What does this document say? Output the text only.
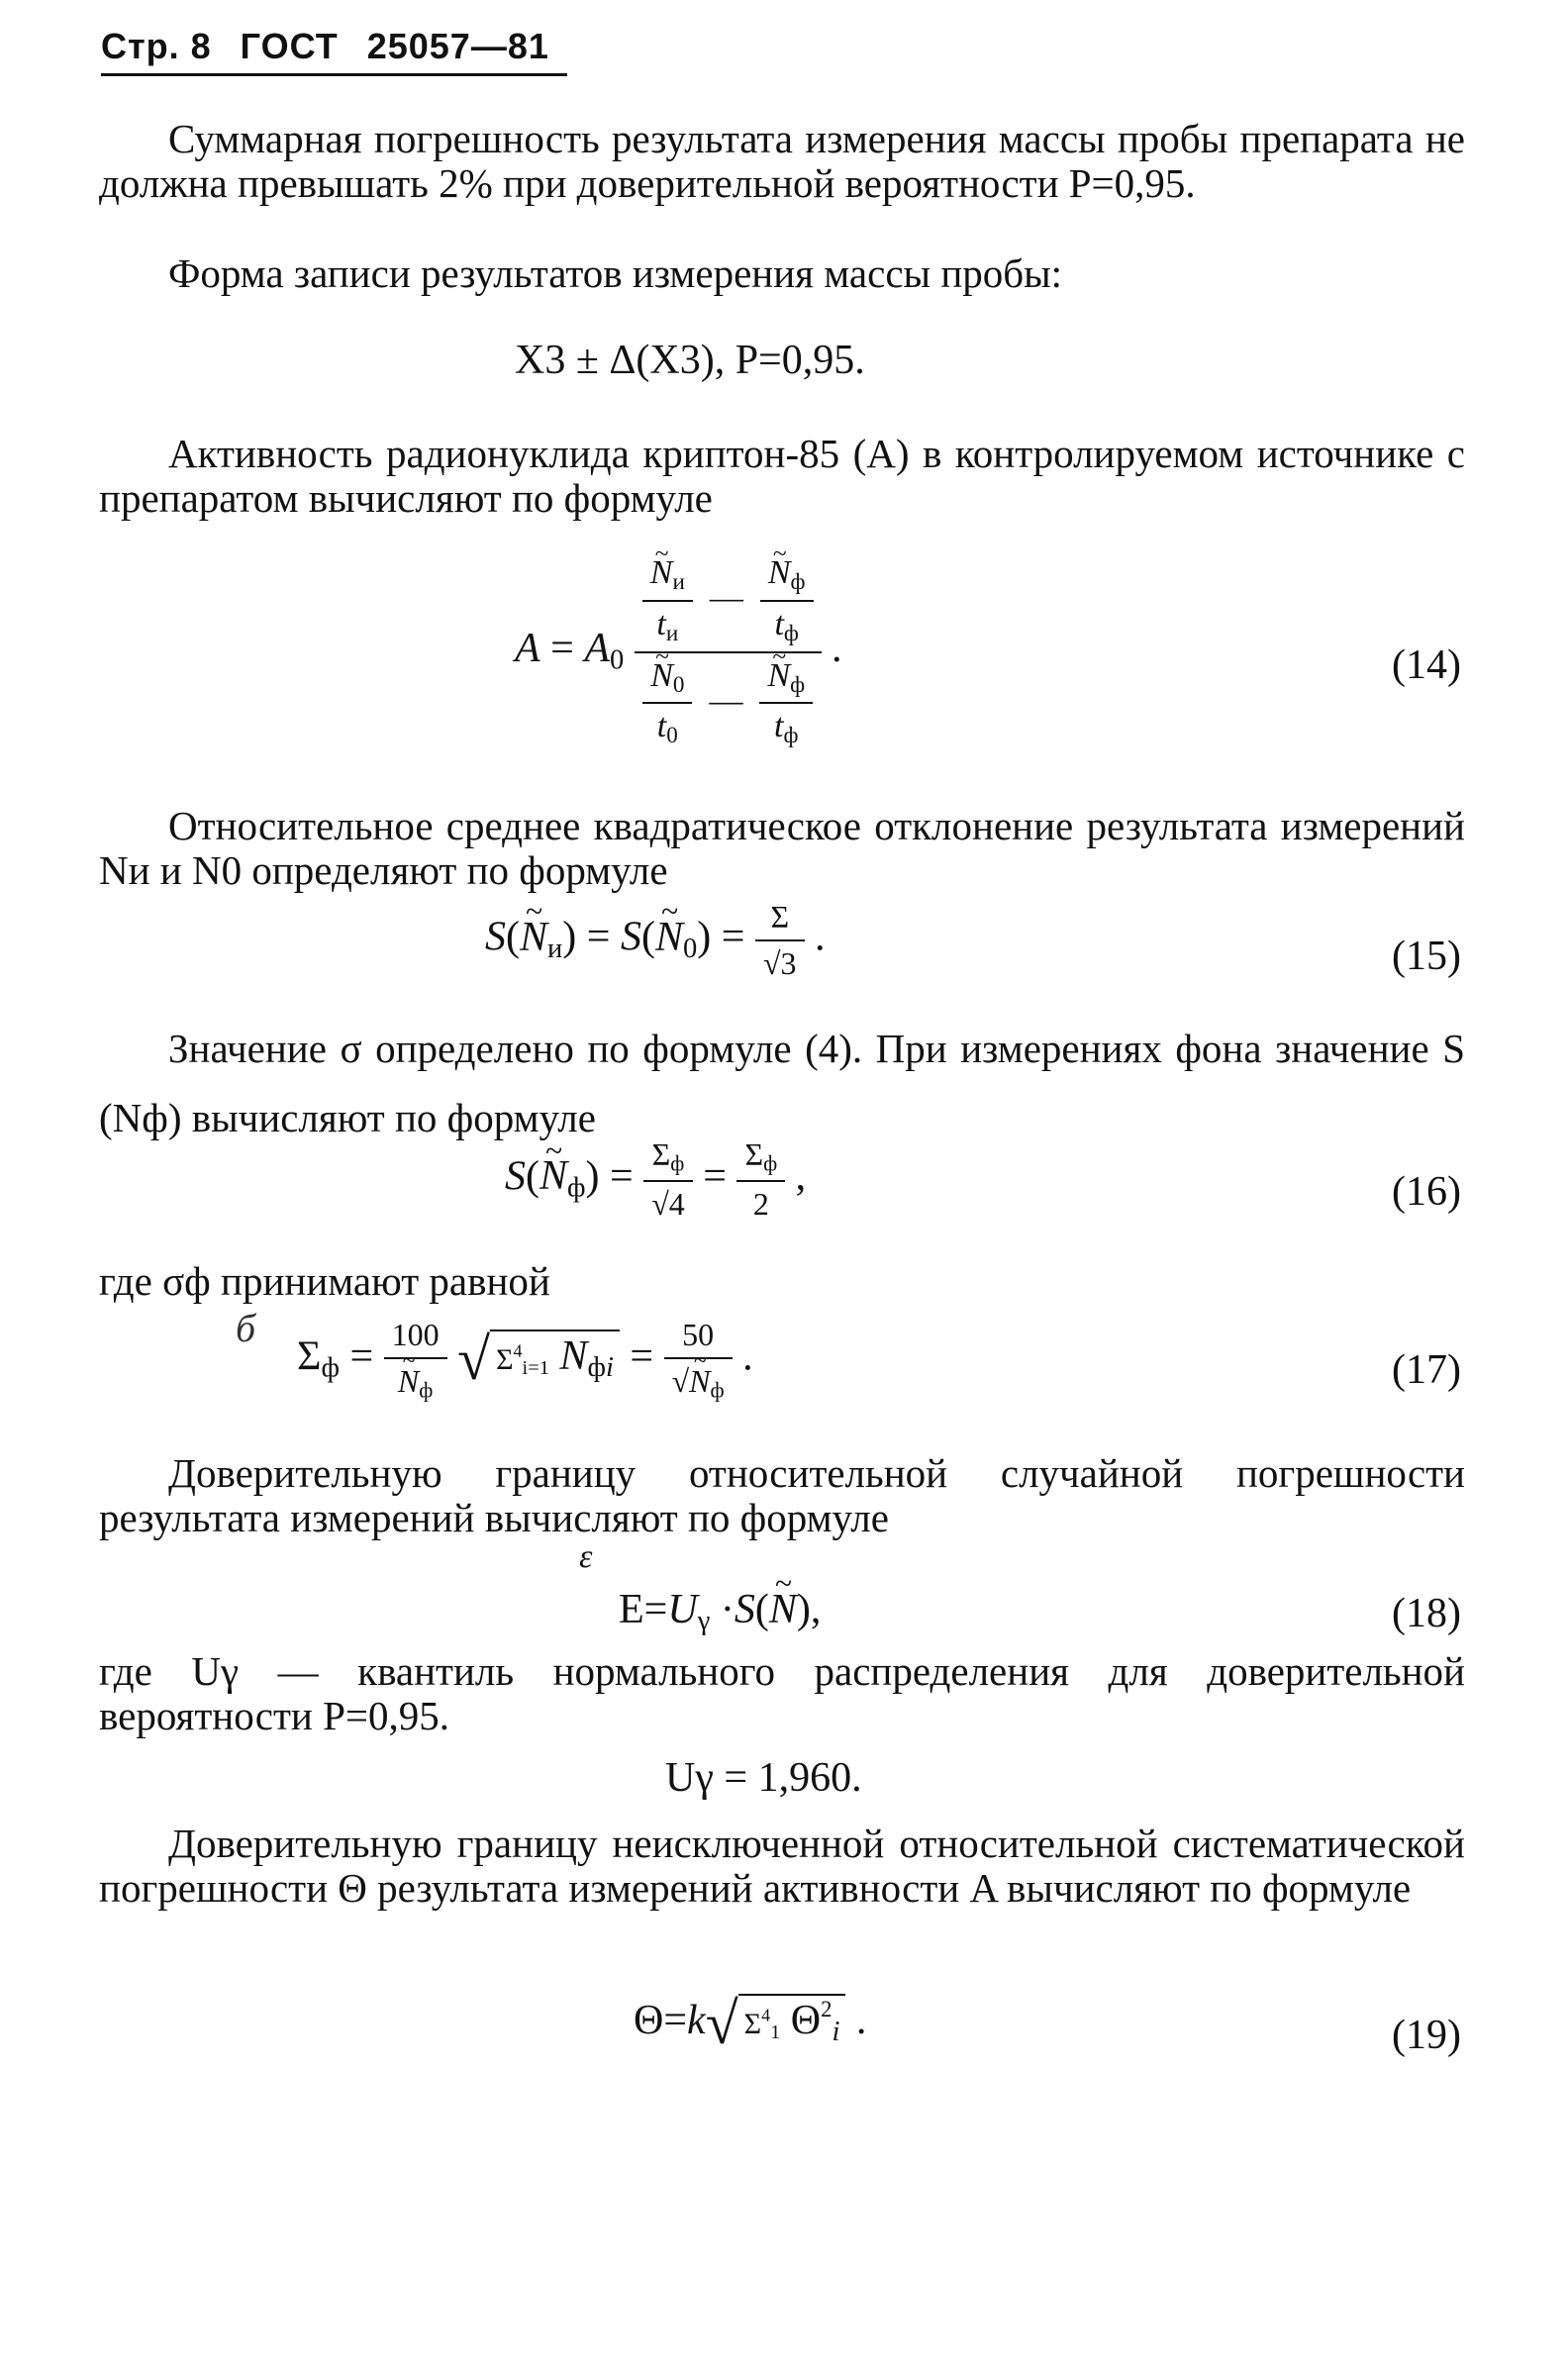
Стр. 8 ГОСТ 25057—81
Суммарная погрешность результата измерения массы пробы препарата не должна превышать 2% при доверительной вероятности P=0,95.
Форма записи результатов измерения массы пробы:
X3 ± Δ(X3), P=0,95.
Активность радионуклида криптон-85 (A) в контролируемом источнике с препаратом вычисляют по формуле
$A = A_0$ ~ $\frac{N_и}{t_и}$ — ~ $\frac{N_ф}{t_ф}$
~ $\frac{N_0}{t_0}$ — ~ $\frac{N_ф}{t_ф}$ .	(14)
Относительное среднее квадратическое отклонение результата измерений Nи и N0 определяют по формуле
S(~ $N_и$) = S(~ $N_0) = \frac{\Sigma}{√3}$ .	(15)
Значение σ определено по формуле (4). При измерениях фона значение S (Nф) вычисляют по формуле
S(~ $N_ф) = \frac{\Sigma_ф}{√4} = \frac{\Sigma_ф}{2}$ ,	(16)
где σф принимают равной
б
$\Sigma_ф = 100$
~ $N_ф$ √ $\Sigma^4_{i=1}$ $N_{фi} = \frac{50}{√\sim N_ф}$ .	(17)
Доверительную границу относительной случайной погрешности результата измерений вычисляют по формуле
ε
$E=U_\gamma$ ·S(~ N),	(18)
где Uγ — квантиль нормального распределения для доверительной вероятности P=0,95.
Uγ = 1,960.
Доверительную границу неисключенной относительной систематической погрешности Θ результата измерений активности A вычисляют по формуле
Θ=k√ $\Sigma^4_1$ $\Theta^2_i$ .	(19)
